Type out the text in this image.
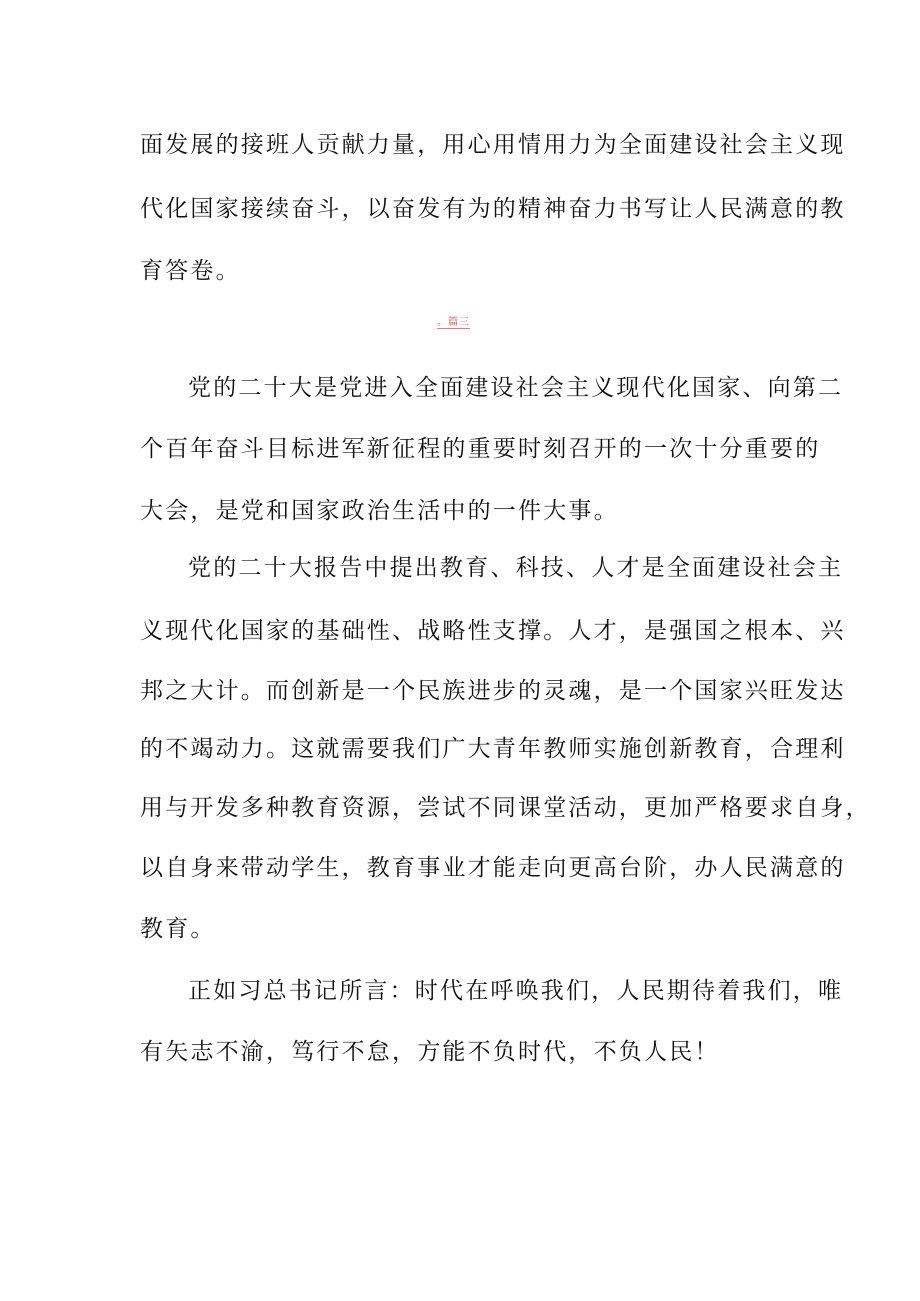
面发展的接班人贡献力量，用心用情用力为全面建设社会主义现
代化国家接续奋斗，以奋发有为的精神奋力书写让人民满意的教
育答卷。
。篇三
党的二十大是党进入全面建设社会主义现代化国家、向第二
个百年奋斗目标进军新征程的重要时刻召开的一次十分重要的
大会，是党和国家政治生活中的一件大事。
党的二十大报告中提出教育、科技、人才是全面建设社会主
义现代化国家的基础性、战略性支撑。人才，是强国之根本、兴
邦之大计。而创新是一个民族进步的灵魂，是一个国家兴旺发达
的不竭动力。这就需要我们广大青年教师实施创新教育，合理利
用与开发多种教育资源，尝试不同课堂活动，更加严格要求自身，
以自身来带动学生，教育事业才能走向更高台阶，办人民满意的
教育。
正如习总书记所言：时代在呼唤我们，人民期待着我们，唯
有矢志不渝，笃行不怠，方能不负时代，不负人民！
